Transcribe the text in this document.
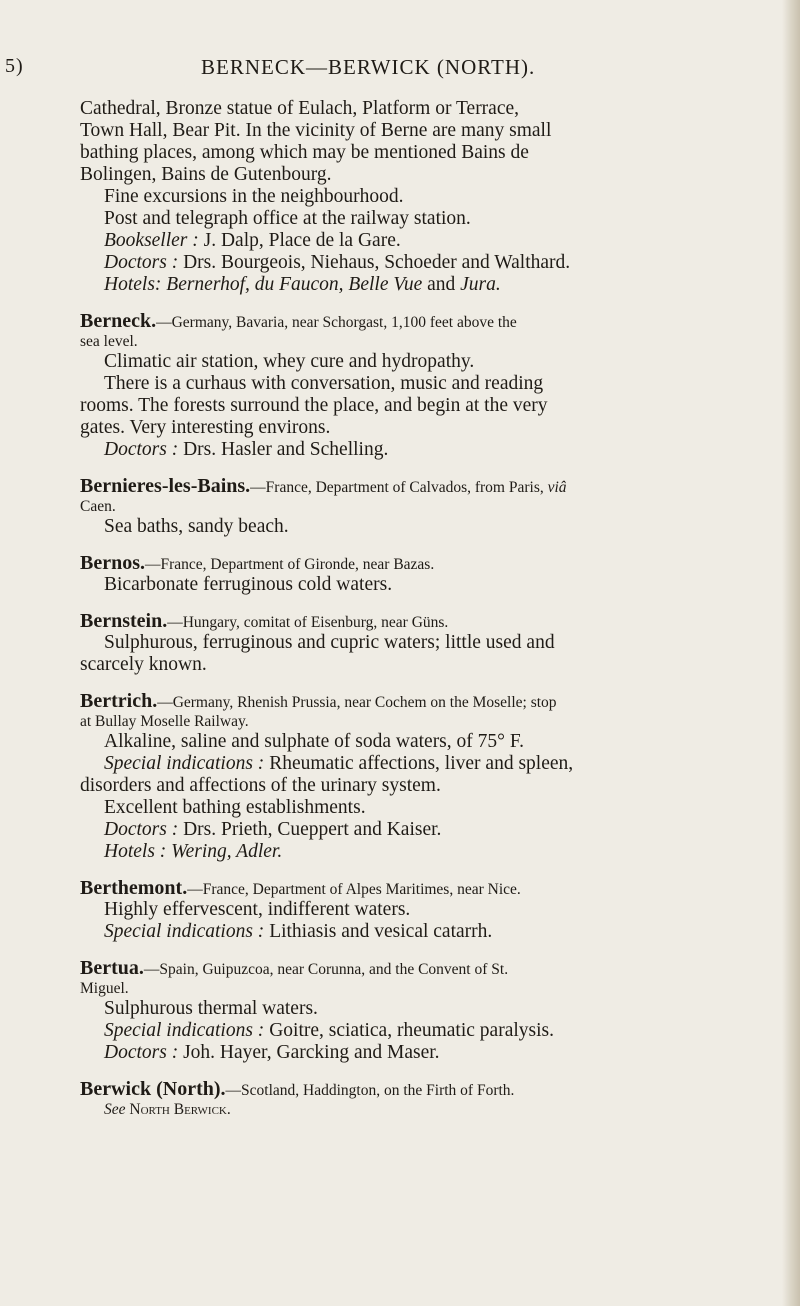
5)	BERNECK—BERWICK (NORTH).

Cathedral, Bronze statue of Eulach, Platform or Terrace,

Town Hall, Bear Pit. In the vicinity of Berne are many small

bathing places, among which may be mentioned Bains de

Bolingen, Bains de Gutenbourg.

Fine excursions in the neighbourhood.

Post and telegraph office at the railway station.

Bookseller : J. Dalp, Place de la Gare.

Doctors : Drs. Bourgeois, Niehaus, Schoeder and Walthard.

Hotels: Bernerhof, du Faucon, Belle Vue and Jura.

Berneck.—Germany, Bavaria, near Schorgast, 1,100 feet above the

sea level.

Climatic air station, whey cure and hydropathy.

There is a curhaus with conversation, music and reading

rooms. The forests surround the place, and begin at the very

gates. Very interesting environs.

Doctors : Drs. Hasler and Schelling.

Bernieres-les-Bains.—France, Department of Calvados, from Paris, viâ

Caen.

Sea baths, sandy beach.

Bernos.—France, Department of Gironde, near Bazas.

Bicarbonate ferruginous cold waters.

Bernstein.—Hungary, comitat of Eisenburg, near Güns.

Sulphurous, ferruginous and cupric waters; little used and

scarcely known.

Bertrich.—Germany, Rhenish Prussia, near Cochem on the Moselle; stop

at Bullay Moselle Railway.

Alkaline, saline and sulphate of soda waters, of 75° F.

Special indications : Rheumatic affections, liver and spleen,

disorders and affections of the urinary system.

Excellent bathing establishments.

Doctors : Drs. Prieth, Cueppert and Kaiser.

Hotels : Wering, Adler.

Berthemont.—France, Department of Alpes Maritimes, near Nice.

Highly effervescent, indifferent waters.

Special indications : Lithiasis and vesical catarrh.

Bertua.—Spain, Guipuzcoa, near Corunna, and the Convent of St.

Miguel.

Sulphurous thermal waters.

Special indications : Goitre, sciatica, rheumatic paralysis.

Doctors : Joh. Hayer, Garcking and Maser.

Berwick (North).—Scotland, Haddington, on the Firth of Forth.

See North Berwick.
